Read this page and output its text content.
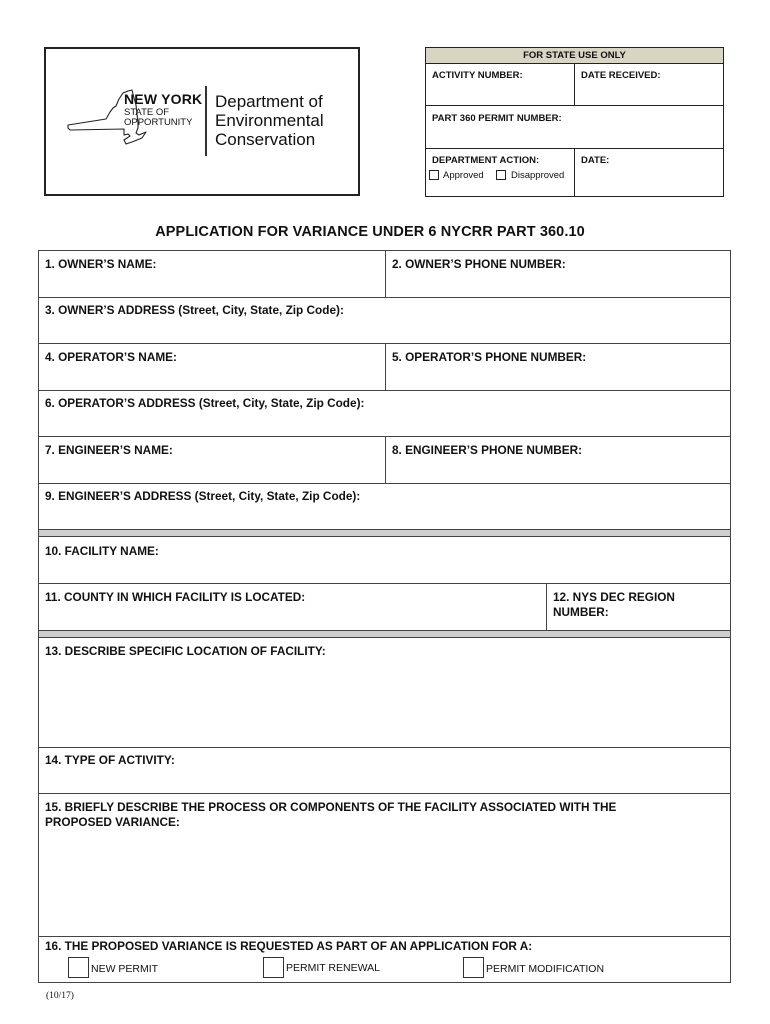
NEW YORK
STATE OF
OPPORTUNITY
Department of
Environmental
Conservation
FOR STATE USE ONLY
ACTIVITY NUMBER:	DATE RECEIVED:
PART 360 PERMIT NUMBER:
DEPARTMENT ACTION:	DATE:
Approved	Disapproved
APPLICATION FOR VARIANCE UNDER 6 NYCRR PART 360.10
1. OWNER’S NAME:	2. OWNER’S PHONE NUMBER:
3. OWNER’S ADDRESS (Street, City, State, Zip Code):
4. OPERATOR’S NAME:	5. OPERATOR’S PHONE NUMBER:
6. OPERATOR’S ADDRESS (Street, City, State, Zip Code):
7. ENGINEER’S NAME:	8. ENGINEER’S PHONE NUMBER:
9. ENGINEER’S ADDRESS (Street, City, State, Zip Code):
10. FACILITY NAME:
11. COUNTY IN WHICH FACILITY IS LOCATED:	12. NYS DEC REGION
NUMBER:
13. DESCRIBE SPECIFIC LOCATION OF FACILITY:
14. TYPE OF ACTIVITY:
15. BRIEFLY DESCRIBE THE PROCESS OR COMPONENTS OF THE FACILITY ASSOCIATED WITH THE
PROPOSED VARIANCE:
16. THE PROPOSED VARIANCE IS REQUESTED AS PART OF AN APPLICATION FOR A:
NEW PERMIT	PERMIT RENEWAL	PERMIT MODIFICATION
(10/17)
